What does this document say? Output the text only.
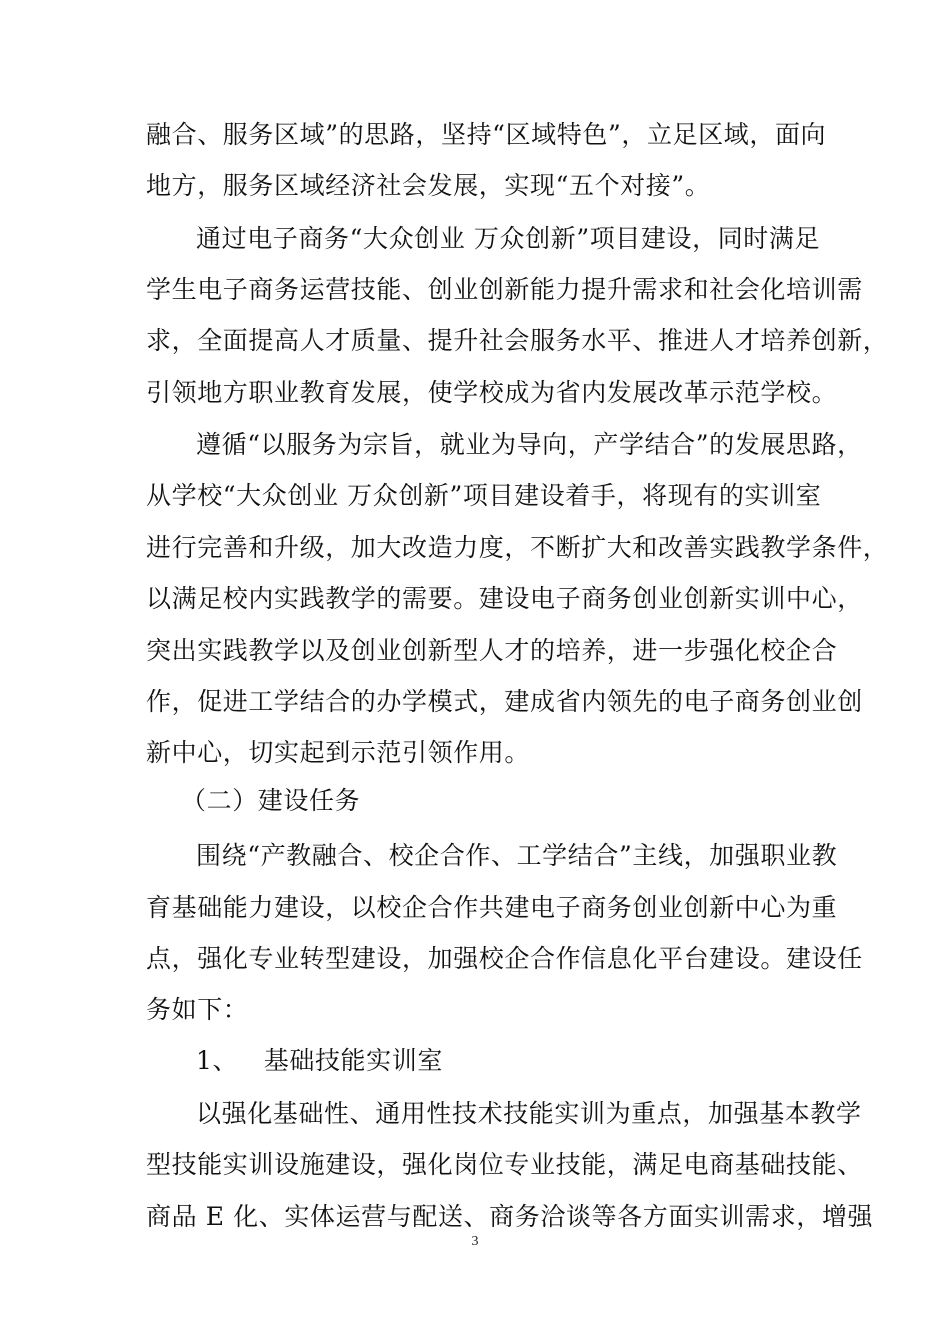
融合、服务区域”的思路，坚持“区域特色”，立足区域，面向
地方，服务区域经济社会发展，实现“五个对接”。
通过电子商务“大众创业 万众创新”项目建设，同时满足
学生电子商务运营技能、创业创新能力提升需求和社会化培训需
求，全面提高人才质量、提升社会服务水平、推进人才培养创新，
引领地方职业教育发展，使学校成为省内发展改革示范学校。
遵循“以服务为宗旨，就业为导向，产学结合”的发展思路，
从学校“大众创业 万众创新”项目建设着手，将现有的实训室
进行完善和升级，加大改造力度，不断扩大和改善实践教学条件，
以满足校内实践教学的需要。建设电子商务创业创新实训中心，
突出实践教学以及创业创新型人才的培养，进一步强化校企合
作，促进工学结合的办学模式，建成省内领先的电子商务创业创
新中心，切实起到示范引领作用。
（二）建设任务
围绕“产教融合、校企合作、工学结合”主线，加强职业教
育基础能力建设，以校企合作共建电子商务创业创新中心为重
点，强化专业转型建设，加强校企合作信息化平台建设。建设任
务如下：
1、   基础技能实训室
以强化基础性、通用性技术技能实训为重点，加强基本教学
型技能实训设施建设，强化岗位专业技能，满足电商基础技能、
商品 E 化、实体运营与配送、商务洽谈等各方面实训需求，增强
3
